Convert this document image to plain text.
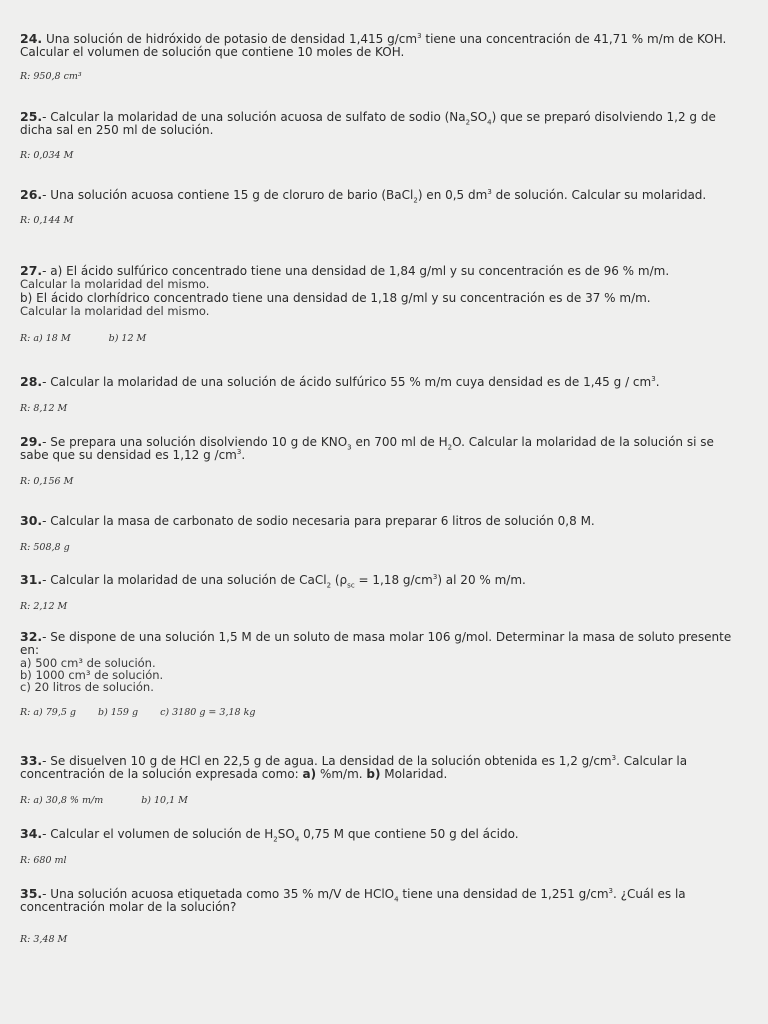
24. Una solución de hidróxido de potasio de densidad 1,415 $g/cm^3$ tiene una concentración de 41,71 % m/m de KOH. Calcular el volumen de solución que contiene 10 moles de KOH.

R: 950,8 cm³

25.- Calcular la molaridad de una solución acuosa de sulfato de sodio $(Na_2SO_4)$ que se preparó disolviendo 1,2 g de dicha sal en 250 ml de solución.

R: 0,034 M

26.- Una solución acuosa contiene 15 g de cloruro de bario (BaCl$_2$) en 0,5 $dm^3$ de solución. Calcular su molaridad.

R: 0,144 M

27.- a) El ácido sulfúrico concentrado tiene una densidad de 1,84 g/ml y su concentración es de 96 % m/m.

Calcular la molaridad del mismo.

b) El ácido clorhídrico concentrado tiene una densidad de 1,18 g/ml y su concentración es de 37 % m/m.

Calcular la molaridad del mismo.

R: a) 18 M	b) 12 M

28.- Calcular la molaridad de una solución de ácido sulfúrico 55 % m/m cuya densidad es de 1,45 g / $cm^3$.

R: 8,12 M

29.- Se prepara una solución disolviendo 10 g de $KNO_3$ en 700 ml de $H_2O$. Calcular la molaridad de la solución si se sabe que su densidad es 1,12 g $/cm^3$.

R: 0,156 M

30.- Calcular la masa de carbonato de sodio necesaria para preparar 6 litros de solución 0,8 M.

R: 508,8 g

31.- Calcular la molaridad de una solución de CaCl$_2$ ($\rho_{sc} = 1,18$ $g/cm^3$) al 20 % m/m.

R: 2,12 M

32.- Se dispone de una solución 1,5 M de un soluto de masa molar 106 g/mol. Determinar la masa de soluto presente en:

a) 500 cm³ de solución.

b) 1000 cm³ de solución.

c) 20 litros de solución.

R: a) 79,5 g b) 159 g c) 3180 g = 3,18 kg

33.- Se disuelven 10 g de HCl en 22,5 g de agua. La densidad de la solución obtenida es 1,2 $g/cm^3$. Calcular la concentración de la solución expresada como: a) %m/m. b) Molaridad.

R: a) 30,8 % m/m	b) 10,1 M

34.- Calcular el volumen de solución de $H_2SO_4$ 0,75 M que contiene 50 g del ácido.

R: 680 ml

35.- Una solución acuosa etiquetada como 35 % m/V de HClO$_4$ tiene una densidad de 1,251 $g/cm^3$. ¿Cuál es la concentración molar de la solución?

R: 3,48 M
